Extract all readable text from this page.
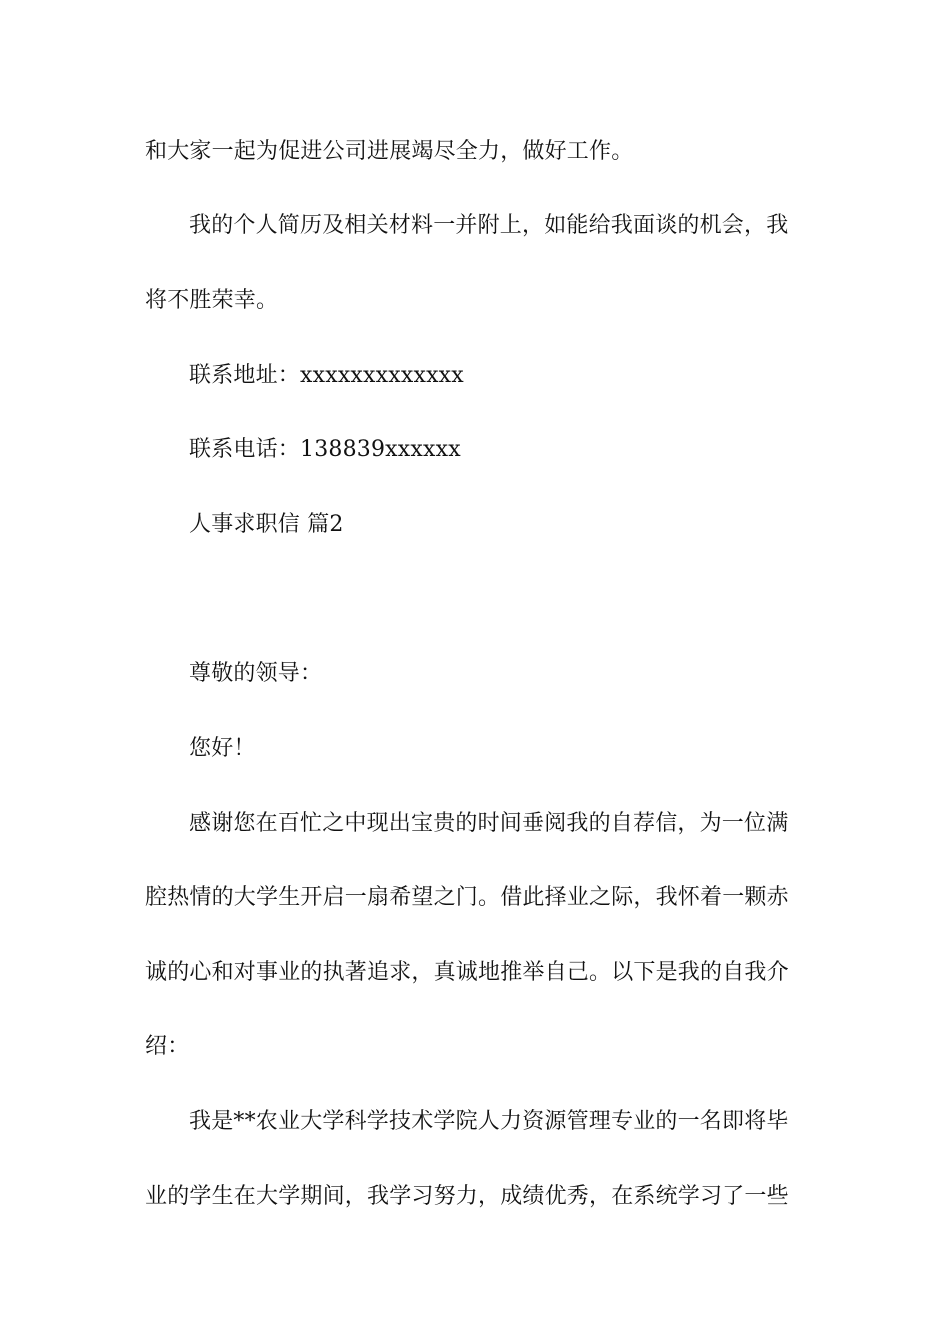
和大家一起为促进公司进展竭尽全力，做好工作。
我的个人简历及相关材料一并附上，如能给我面谈的机会，我
将不胜荣幸。
联系地址：xxxxxxxxxxxxx
联系电话：138839xxxxxx
人事求职信 篇2
尊敬的领导：
您好！
感谢您在百忙之中现出宝贵的时间垂阅我的自荐信，为一位满
腔热情的大学生开启一扇希望之门。借此择业之际，我怀着一颗赤
诚的心和对事业的执著追求，真诚地推举自己。以下是我的自我介
绍：
我是**农业大学科学技术学院人力资源管理专业的一名即将毕
业的学生在大学期间，我学习努力，成绩优秀，在系统学习了一些
